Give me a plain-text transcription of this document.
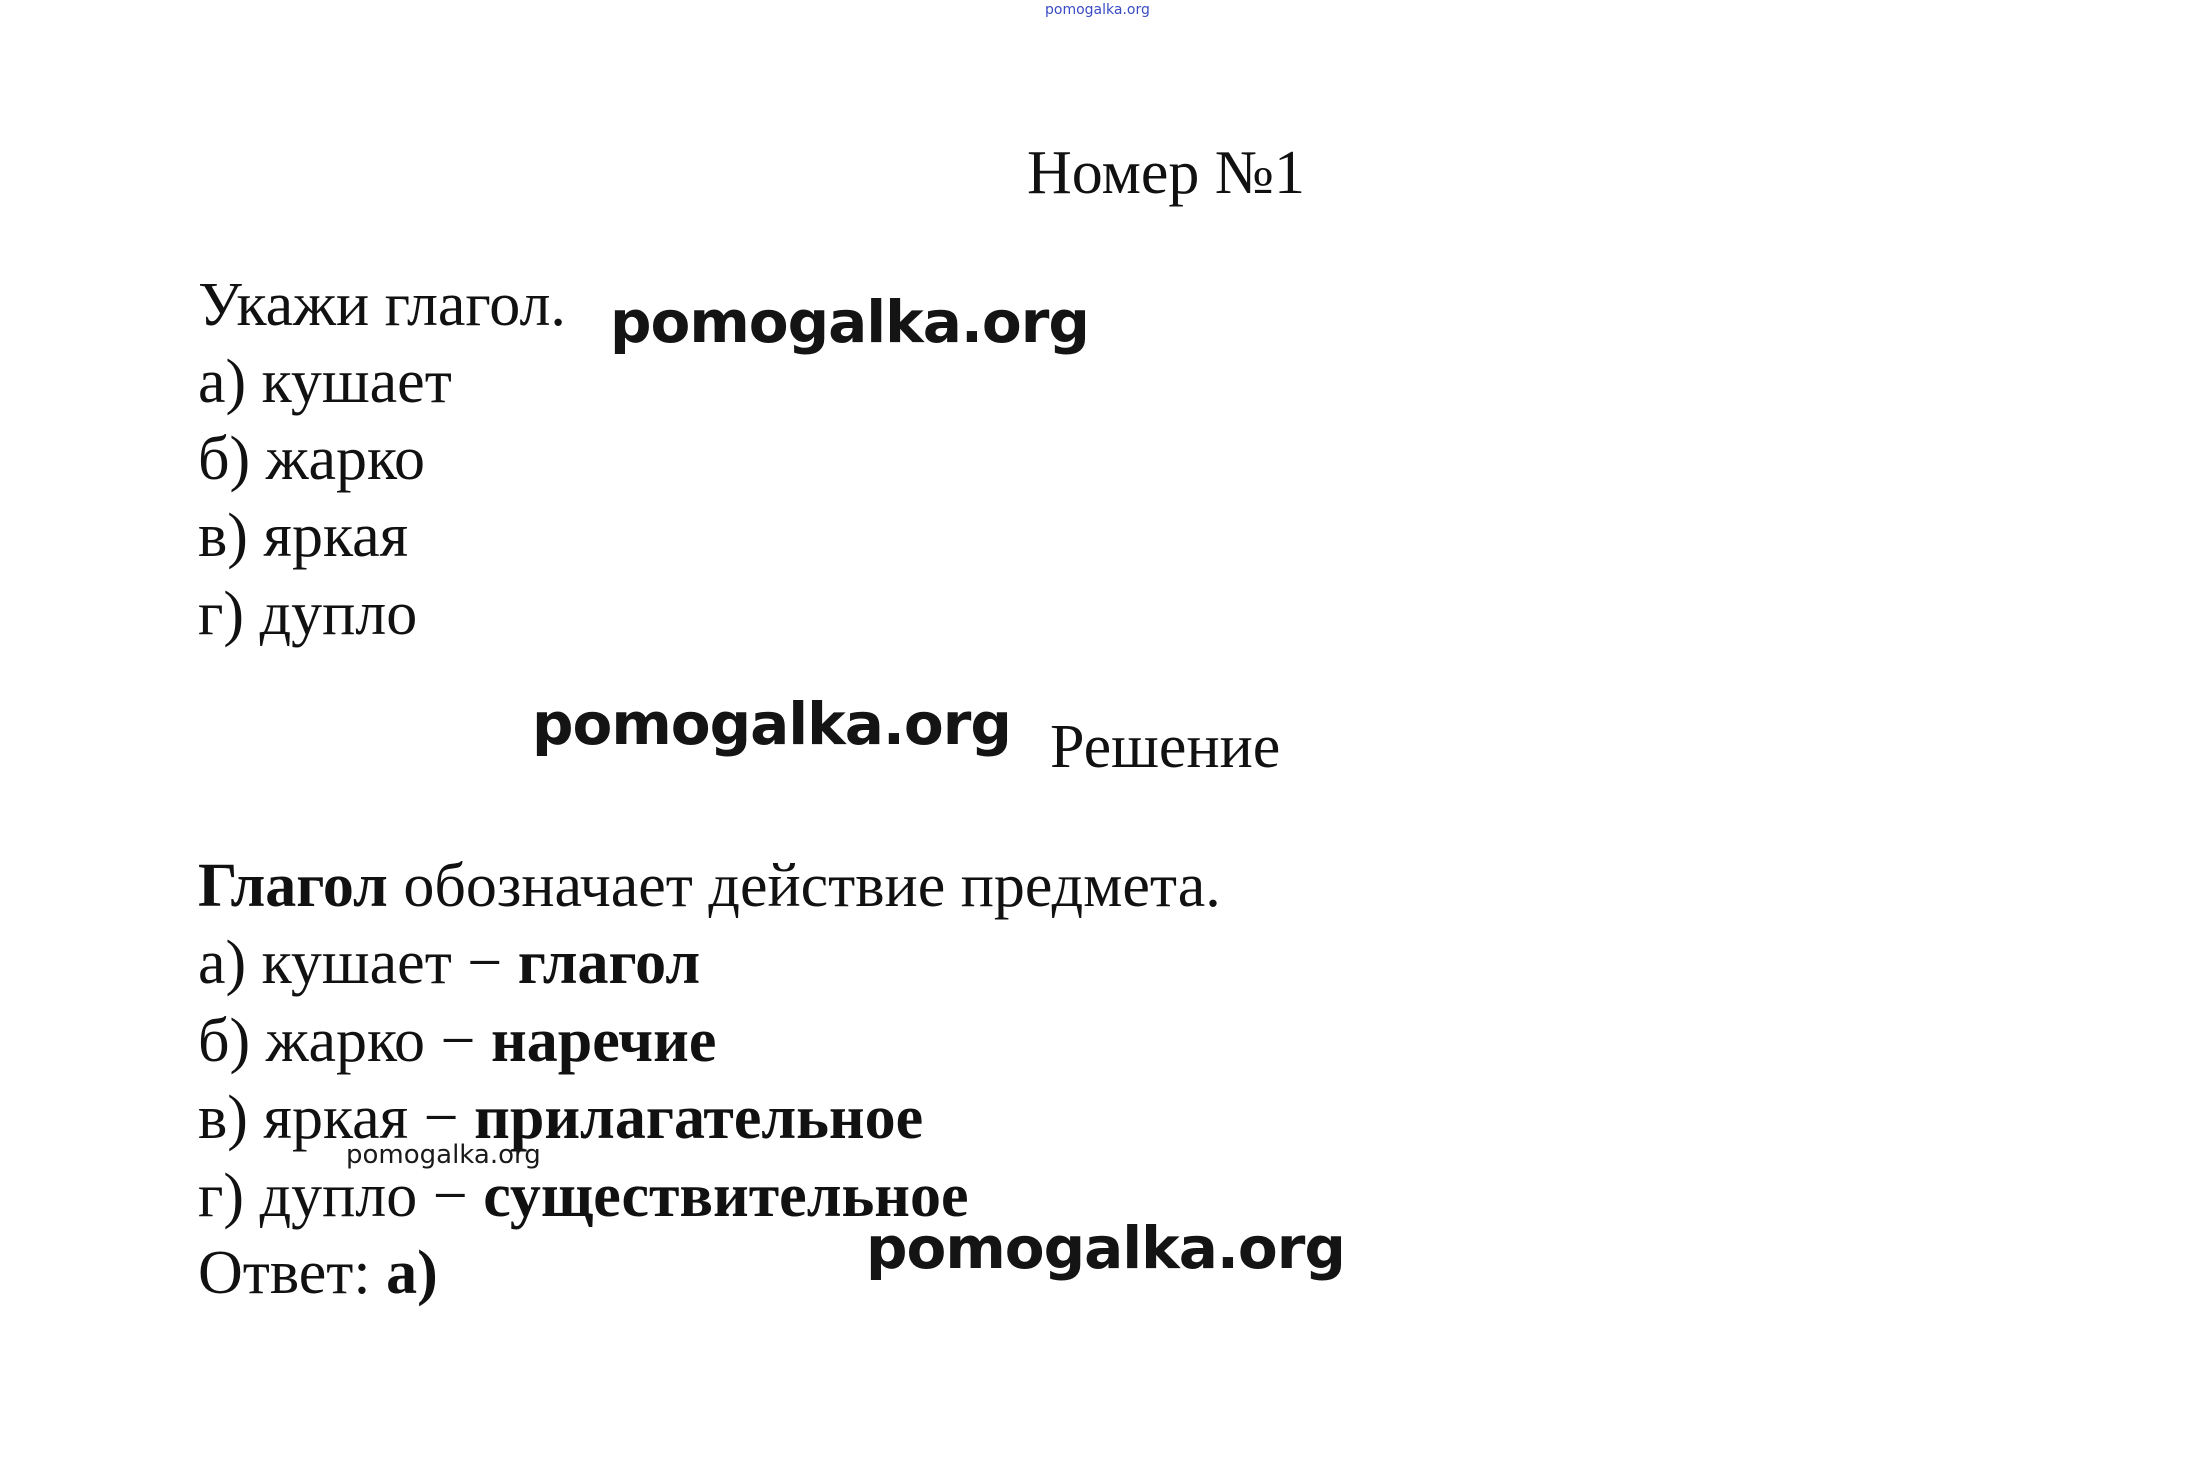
pomogalka.org
Номер №1
Укажи глагол.
а) кушает
б) жарко
в) яркая
г) дупло
pomogalka.org
pomogalka.org Решение
Глагол обозначает действие предмета.
а) кушает − глагол
б) жарко − наречие
в) яркая − прилагательное
г) дупло − существительное
Ответ: а)
pomogalka.org
pomogalka.org
